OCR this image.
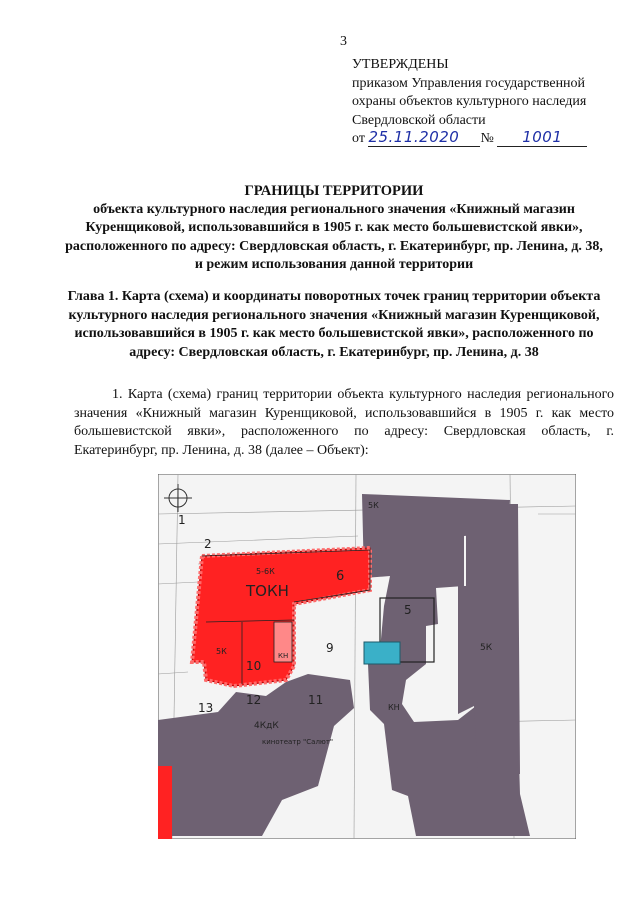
3
УТВЕРЖДЕНЫ
приказом Управления государственной
охраны объектов культурного наследия
Свердловской области
от 25.11.2020 № 1001
ГРАНИЦЫ ТЕРРИТОРИИ
объекта культурного наследия регионального значения «Книжный магазин Куренщиковой, использовавшийся в 1905 г. как место большевистской явки», расположенного по адресу: Свердловская область, г. Екатеринбург, пр. Ленина, д. 38, и режим использования данной территории
Глава 1. Карта (схема) и координаты поворотных точек границ территории объекта культурного наследия регионального значения «Книжный магазин Куренщиковой, использовавшийся в 1905 г. как место большевистской явки», расположенного по адресу: Свердловская область, г. Екатеринбург, пр. Ленина, д. 38
1. Карта (схема) границ территории объекта культурного наследия регионального значения «Книжный магазин Куренщиковой, использовавшийся в 1905 г. как место большевистской явки», расположенного по адресу: Свердловская область, г. Екатеринбург, пр. Ленина, д. 38 (далее – Объект):
ТОКН
5-6К
5К	5К
5К
4КдК
кинотеатр "Салют"
КН
КН
1
2
5
6
9
10
11
12
13
